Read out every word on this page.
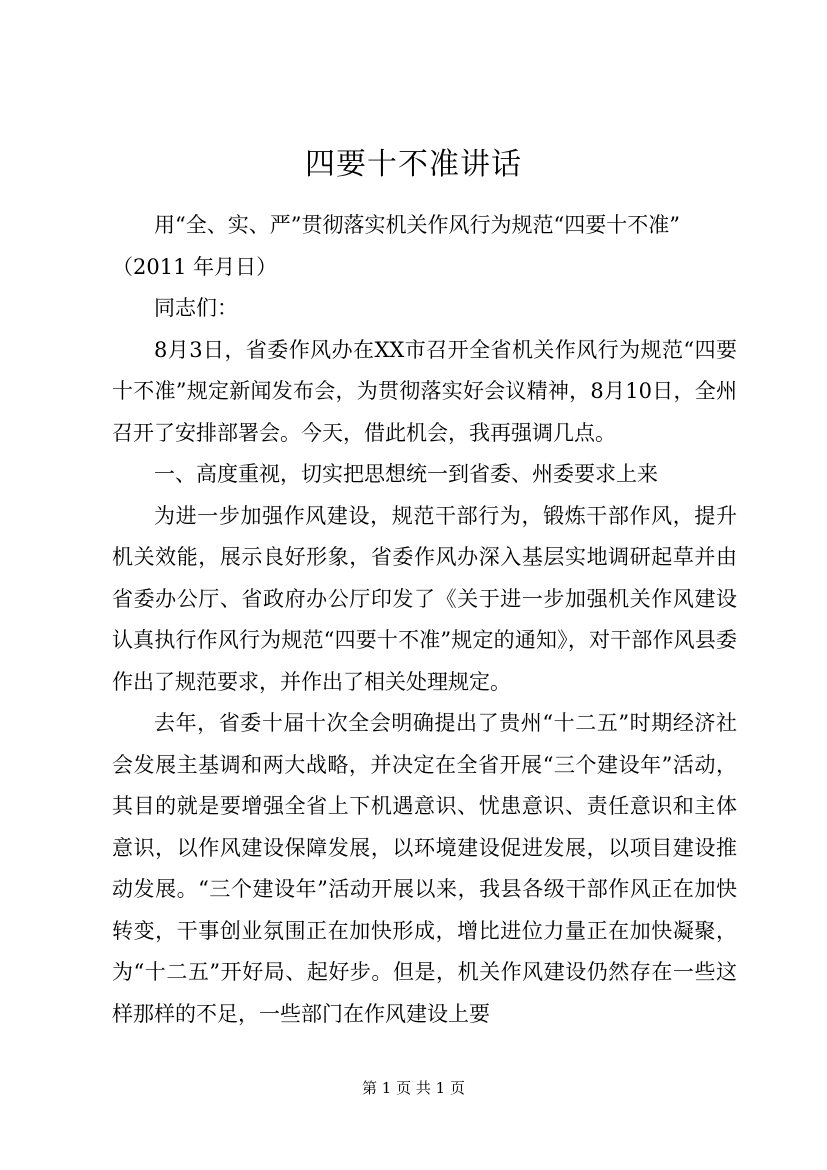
四要十不准讲话

用“全、实、严”贯彻落实机关作风行为规范“四要十不准”

（2011 年月日）

同志们：

8月3日，省委作风办在XX市召开全省机关作风行为规范“四要十不准”规定新闻发布会，为贯彻落实好会议精神，8月10日，全州召开了安排部署会。今天，借此机会，我再强调几点。

一、高度重视，切实把思想统一到省委、州委要求上来

为进一步加强作风建设，规范干部行为，锻炼干部作风，提升机关效能，展示良好形象，省委作风办深入基层实地调研起草并由省委办公厅、省政府办公厅印发了《关于进一步加强机关作风建设认真执行作风行为规范“四要十不准”规定的通知》，对干部作风县委作出了规范要求，并作出了相关处理规定。

去年，省委十届十次全会明确提出了贵州“十二五”时期经济社会发展主基调和两大战略，并决定在全省开展“三个建设年”活动，其目的就是要增强全省上下机遇意识、忧患意识、责任意识和主体意识，以作风建设保障发展，以环境建设促进发展，以项目建设推动发展。“三个建设年”活动开展以来，我县各级干部作风正在加快转变，干事创业氛围正在加快形成，增比进位力量正在加快凝聚，为“十二五”开好局、起好步。但是，机关作风建设仍然存在一些这样那样的不足，一些部门在作风建设上要

第 1 页 共 1 页
